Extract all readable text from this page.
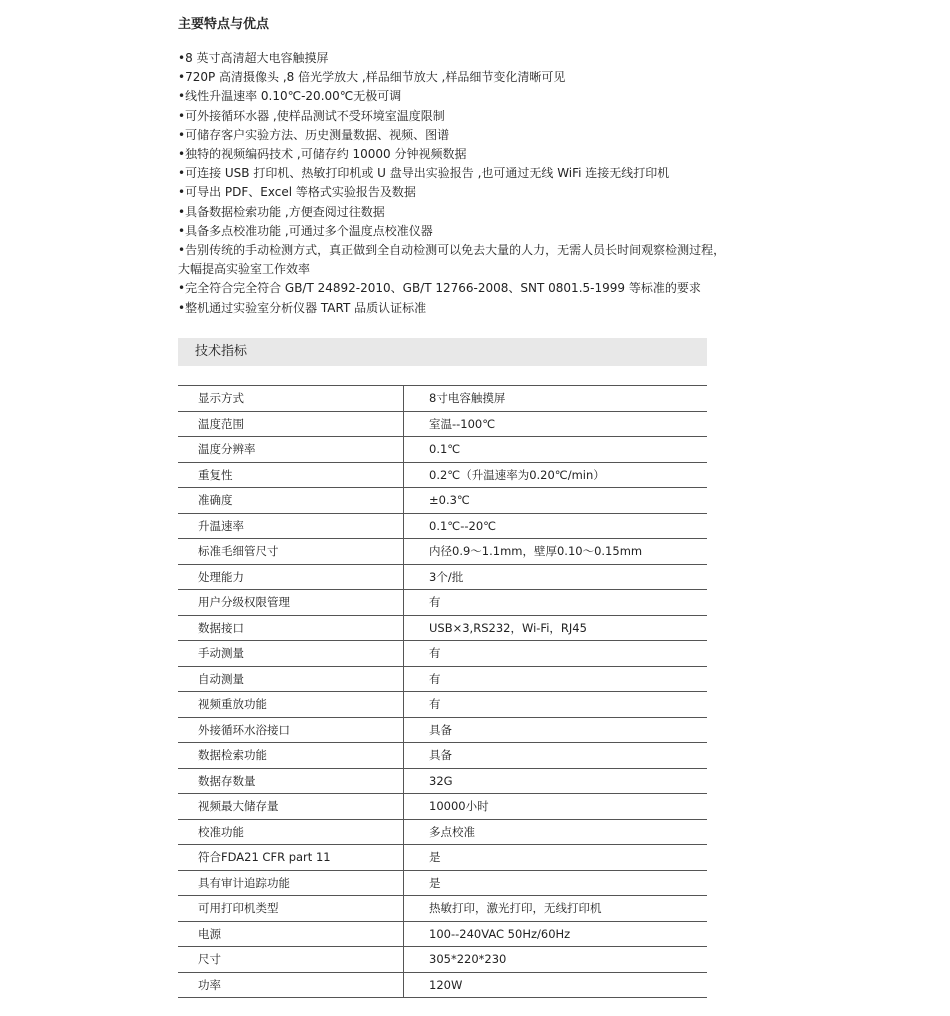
主要特点与优点
•8 英寸高清超大电容触摸屏
•720P 高清摄像头 ,8 倍光学放大 ,样品细节放大 ,样品细节变化清晰可见
•线性升温速率 0.10℃-20.00℃无极可调
•可外接循环水器 ,使样品测试不受环境室温度限制
•可储存客户实验方法、历史测量数据、视频、图谱
•独特的视频编码技术 ,可储存约 10000 分钟视频数据
•可连接 USB 打印机、热敏打印机或 U 盘导出实验报告 ,也可通过无线 WiFi 连接无线打印机
•可导出 PDF、Excel 等格式实验报告及数据
•具备数据检索功能 ,方便查阅过往数据
•具备多点校准功能 ,可通过多个温度点校准仪器
•告别传统的手动检测方式，真正做到全自动检测可以免去大量的人力，无需人员长时间观察检测过程，
大幅提高实验室工作效率
•完全符合完全符合 GB/T 24892-2010、GB/T 12766-2008、SNT 0801.5-1999 等标准的要求
•整机通过实验室分析仪器 TART 品质认证标准
技术指标
显示方式	8寸电容触摸屏
温度范围	室温--100℃
温度分辨率	0.1℃
重复性	0.2℃（升温速率为0.20℃/min）
准确度	±0.3℃
升温速率	0.1℃--20℃
标准毛细管尺寸	内径0.9～1.1mm，壁厚0.10～0.15mm
处理能力	3个/批
用户分级权限管理	有
数据接口	USB×3,RS232，Wi-Fi，RJ45
手动测量	有
自动测量	有
视频重放功能	有
外接循环水浴接口	具备
数据检索功能	具备
数据存数量	32G
视频最大储存量	10000小时
校准功能	多点校准
符合FDA21 CFR part 11	是
具有审计追踪功能	是
可用打印机类型	热敏打印，激光打印，无线打印机
电源	100--240VAC 50Hz/60Hz
尺寸	305*220*230
功率	120W
